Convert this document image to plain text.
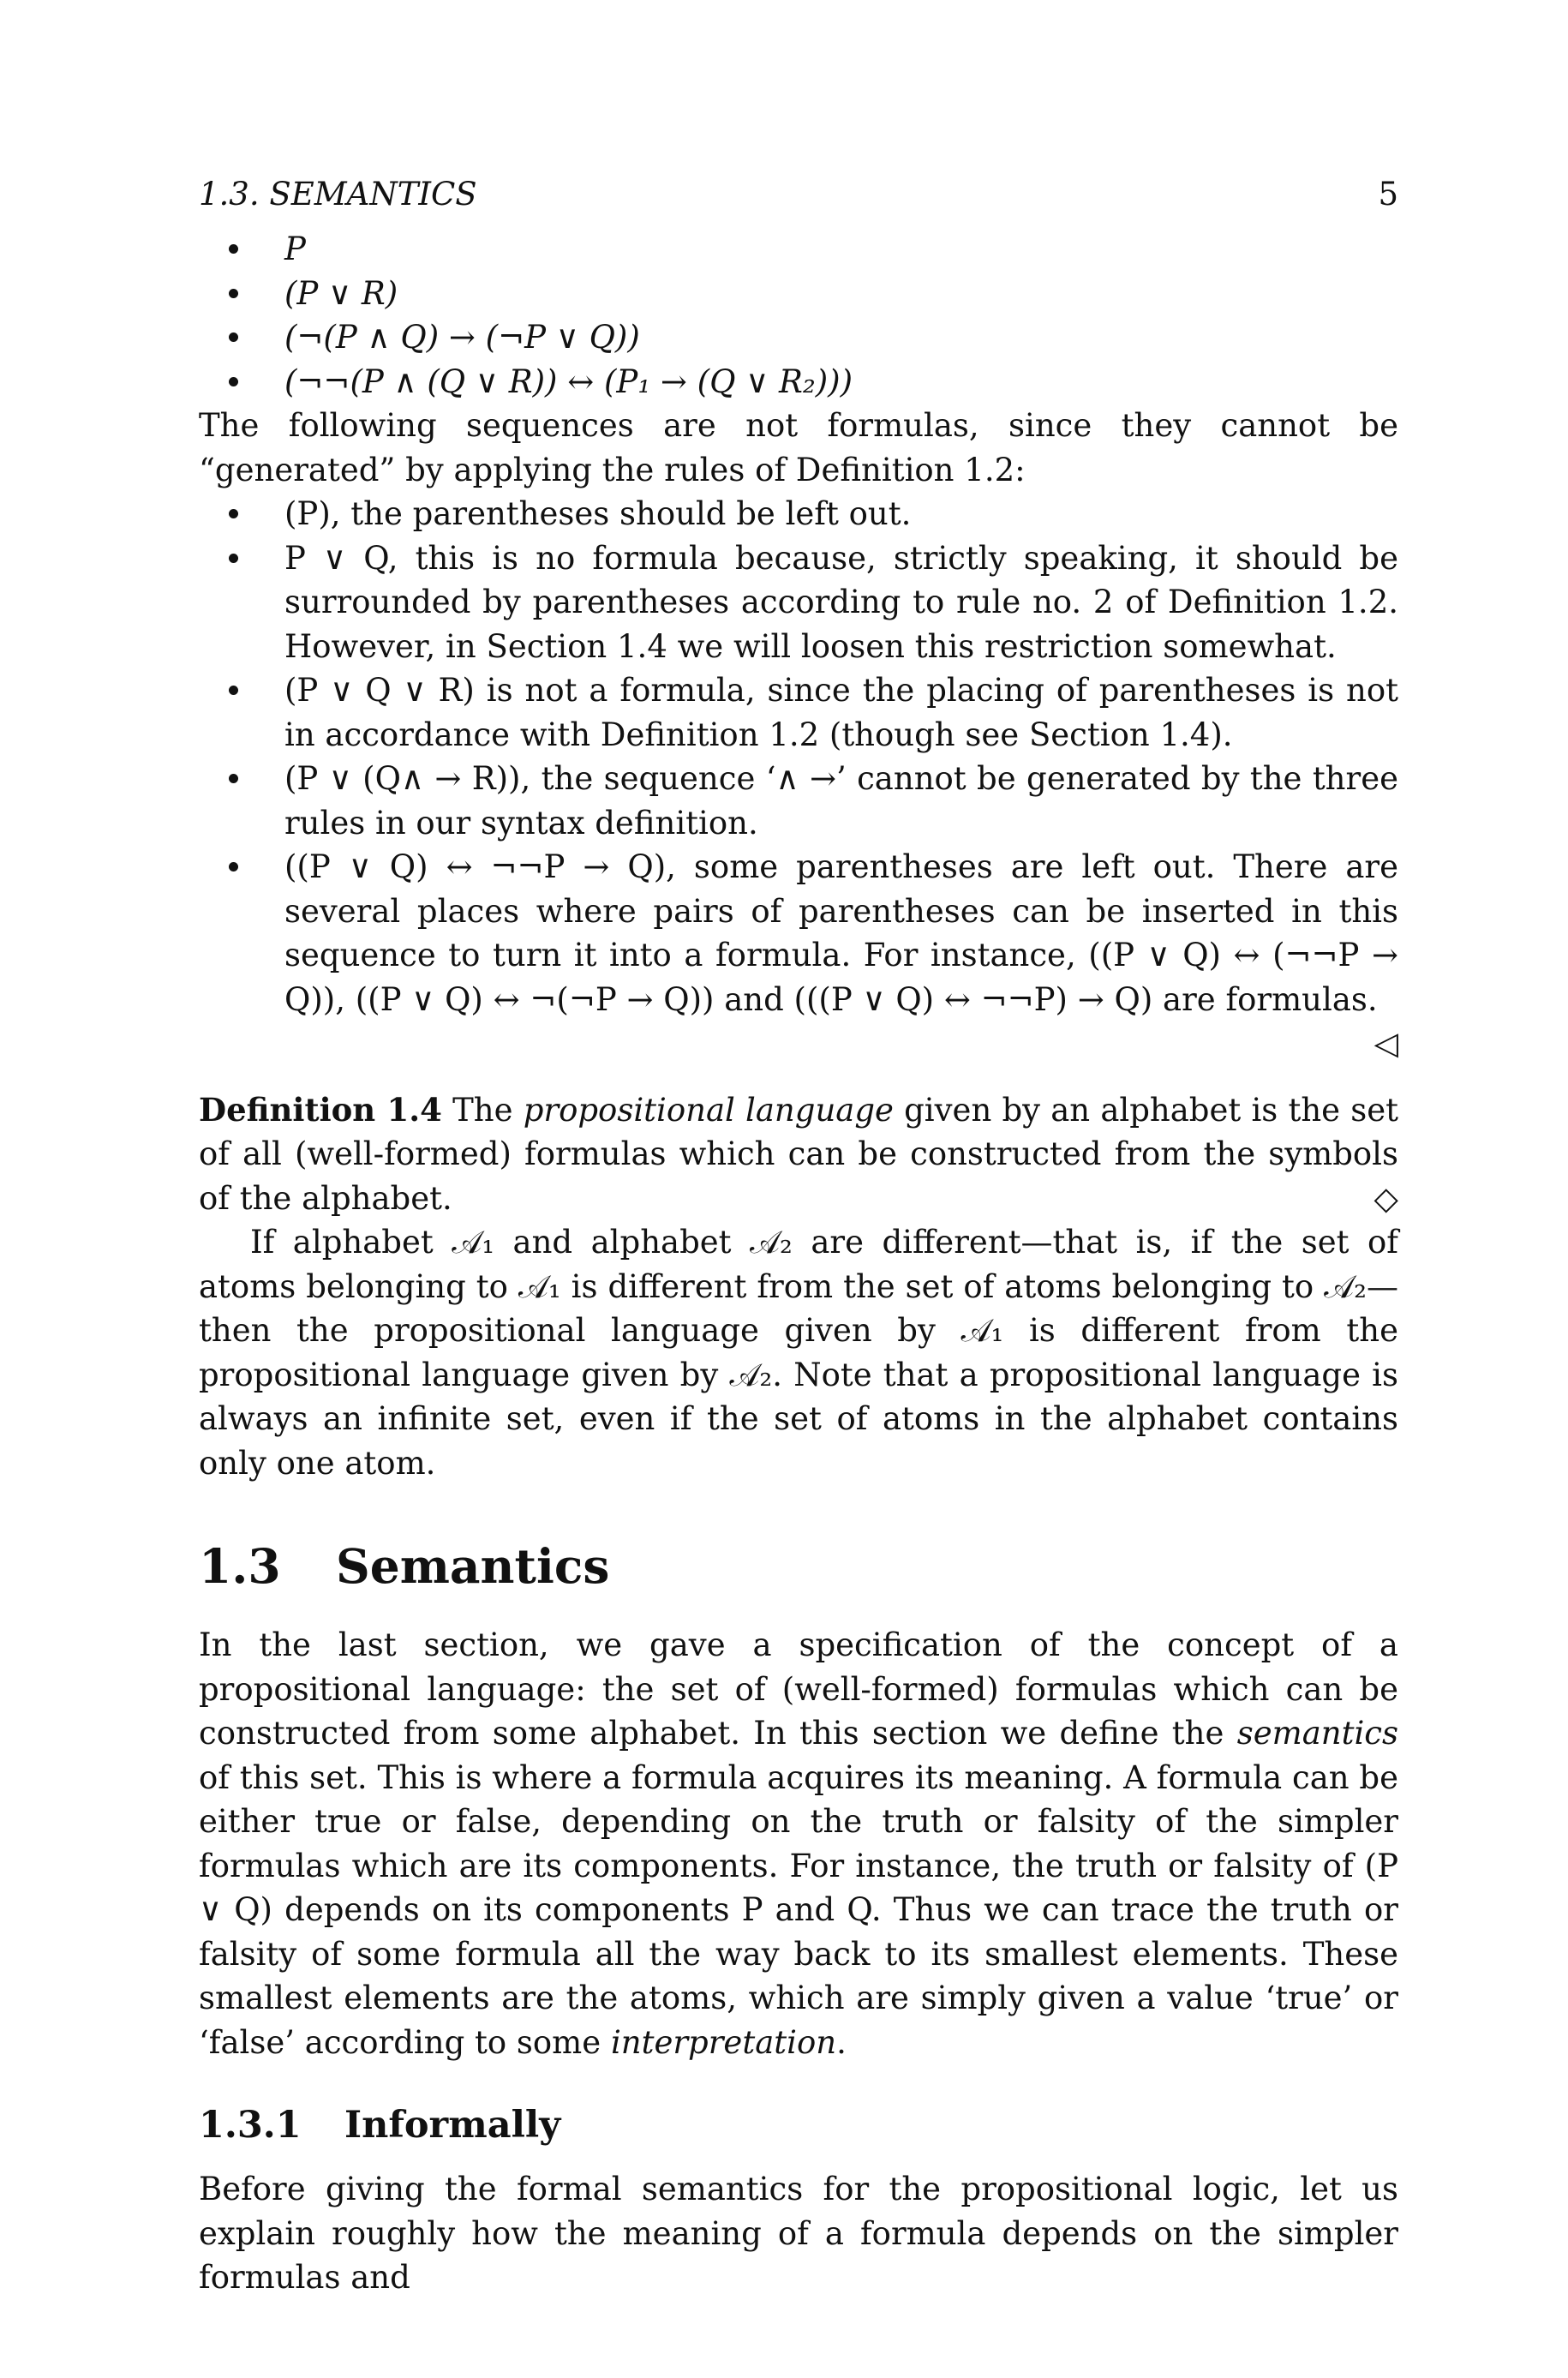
1.3. SEMANTICS	5
P
(P ∨ R)
(¬(P ∧ Q) → (¬P ∨ Q))
(¬¬(P ∧ (Q ∨ R)) ↔ (P₁ → (Q ∨ R₂)))

The following sequences are not formulas, since they cannot be “generated” by applying the rules of Definition 1.2:

(P), the parentheses should be left out.
P ∨ Q, this is no formula because, strictly speaking, it should be surrounded by parentheses according to rule no. 2 of Definition 1.2. However, in Section 1.4 we will loosen this restriction somewhat.
(P ∨ Q ∨ R) is not a formula, since the placing of parentheses is not in accordance with Definition 1.2 (though see Section 1.4).
(P ∨ (Q∧ → R)), the sequence ‘∧ →’ cannot be generated by the three rules in our syntax definition.
((P ∨ Q) ↔ ¬¬P → Q), some parentheses are left out. There are several places where pairs of parentheses can be inserted in this sequence to turn it into a formula. For instance, ((P ∨ Q) ↔ (¬¬P → Q)), ((P ∨ Q) ↔ ¬(¬P → Q)) and (((P ∨ Q) ↔ ¬¬P) → Q) are formulas.
◁

Definition 1.4 The propositional language given by an alphabet is the set of all (well-formed) formulas which can be constructed from the symbols of the alphabet.	◇

If alphabet 𝒜₁ and alphabet 𝒜₂ are different—that is, if the set of atoms belonging to 𝒜₁ is different from the set of atoms belonging to 𝒜₂—then the propositional language given by 𝒜₁ is different from the propositional language given by 𝒜₂. Note that a propositional language is always an infinite set, even if the set of atoms in the alphabet contains only one atom.

1.3 Semantics

In the last section, we gave a specification of the concept of a propositional language: the set of (well-formed) formulas which can be constructed from some alphabet. In this section we define the semantics of this set. This is where a formula acquires its meaning. A formula can be either true or false, depending on the truth or falsity of the simpler formulas which are its components. For instance, the truth or falsity of (P ∨ Q) depends on its components P and Q. Thus we can trace the truth or falsity of some formula all the way back to its smallest elements. These smallest elements are the atoms, which are simply given a value ‘true’ or ‘false’ according to some interpretation.

1.3.1 Informally

Before giving the formal semantics for the propositional logic, let us explain roughly how the meaning of a formula depends on the simpler formulas and
